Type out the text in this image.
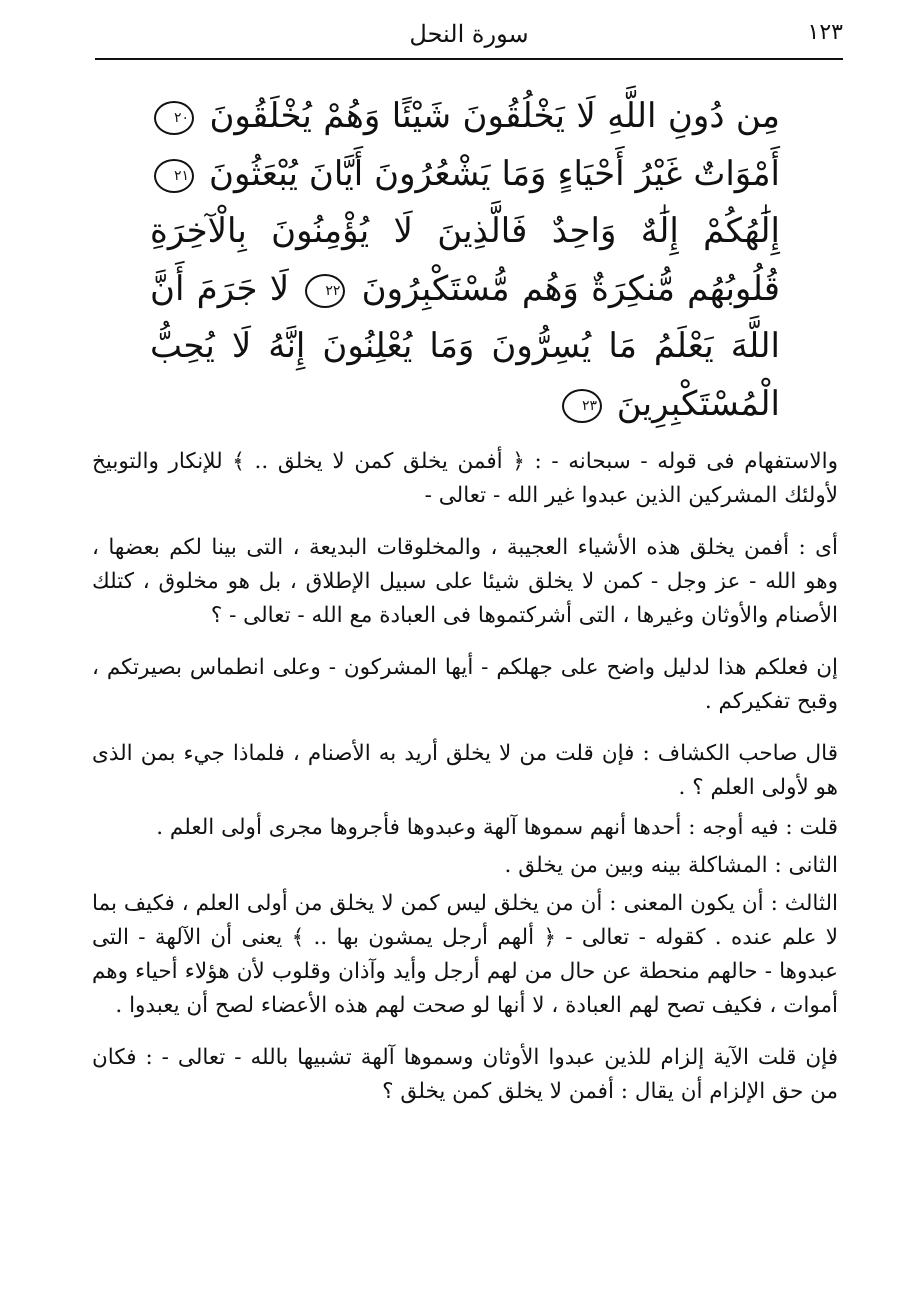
١٢٣
سورة النحل
مِن دُونِ اللَّهِ لَا يَخْلُقُونَ شَيْئًا وَهُمْ يُخْلَقُونَ ٢٠ أَمْوَاتٌ غَيْرُ أَحْيَاءٍ وَمَا يَشْعُرُونَ أَيَّانَ يُبْعَثُونَ ٢١ إِلَٰهُكُمْ إِلَٰهٌ وَاحِدٌ فَالَّذِينَ لَا يُؤْمِنُونَ بِالْآخِرَةِ قُلُوبُهُم مُّنكِرَةٌ وَهُم مُّسْتَكْبِرُونَ ٢٢ لَا جَرَمَ أَنَّ اللَّهَ يَعْلَمُ مَا يُسِرُّونَ وَمَا يُعْلِنُونَ إِنَّهُ لَا يُحِبُّ الْمُسْتَكْبِرِينَ ٢٣

والاستفهام فى قوله - سبحانه - : ﴿ أفمن يخلق كمن لا يخلق .. ﴾ للإنكار والتوبيخ لأولئك المشركين الذين عبدوا غير الله - تعالى -

أى : أفمن يخلق هذه الأشياء العجيبة ، والمخلوقات البديعة ، التى بينا لكم بعضها ، وهو الله - عز وجل - كمن لا يخلق شيئا على سبيل الإطلاق ، بل هو مخلوق ، كتلك الأصنام والأوثان وغيرها ، التى أشركتموها فى العبادة مع الله - تعالى - ؟

إن فعلكم هذا لدليل واضح على جهلكم - أيها المشركون - وعلى انطماس بصيرتكم ، وقبح تفكيركم .

قال صاحب الكشاف : فإن قلت من لا يخلق أريد به الأصنام ، فلماذا جيء بمن الذى هو لأولى العلم ؟ .

قلت : فيه أوجه : أحدها أنهم سموها آلهة وعبدوها فأجروها مجرى أولى العلم .

الثانى : المشاكلة بينه وبين من يخلق .

الثالث : أن يكون المعنى : أن من يخلق ليس كمن لا يخلق من أولى العلم ، فكيف بما لا علم عنده . كقوله - تعالى - ﴿ ألهم أرجل يمشون بها .. ﴾ يعنى أن الآلهة - التى عبدوها - حالهم منحطة عن حال من لهم أرجل وأيد وآذان وقلوب لأن هؤلاء أحياء وهم أموات ، فكيف تصح لهم العبادة ، لا أنها لو صحت لهم هذه الأعضاء لصح أن يعبدوا .

فإن قلت الآية إلزام للذين عبدوا الأوثان وسموها آلهة تشبيها بالله - تعالى - : فكان من حق الإلزام أن يقال : أفمن لا يخلق كمن يخلق ؟
